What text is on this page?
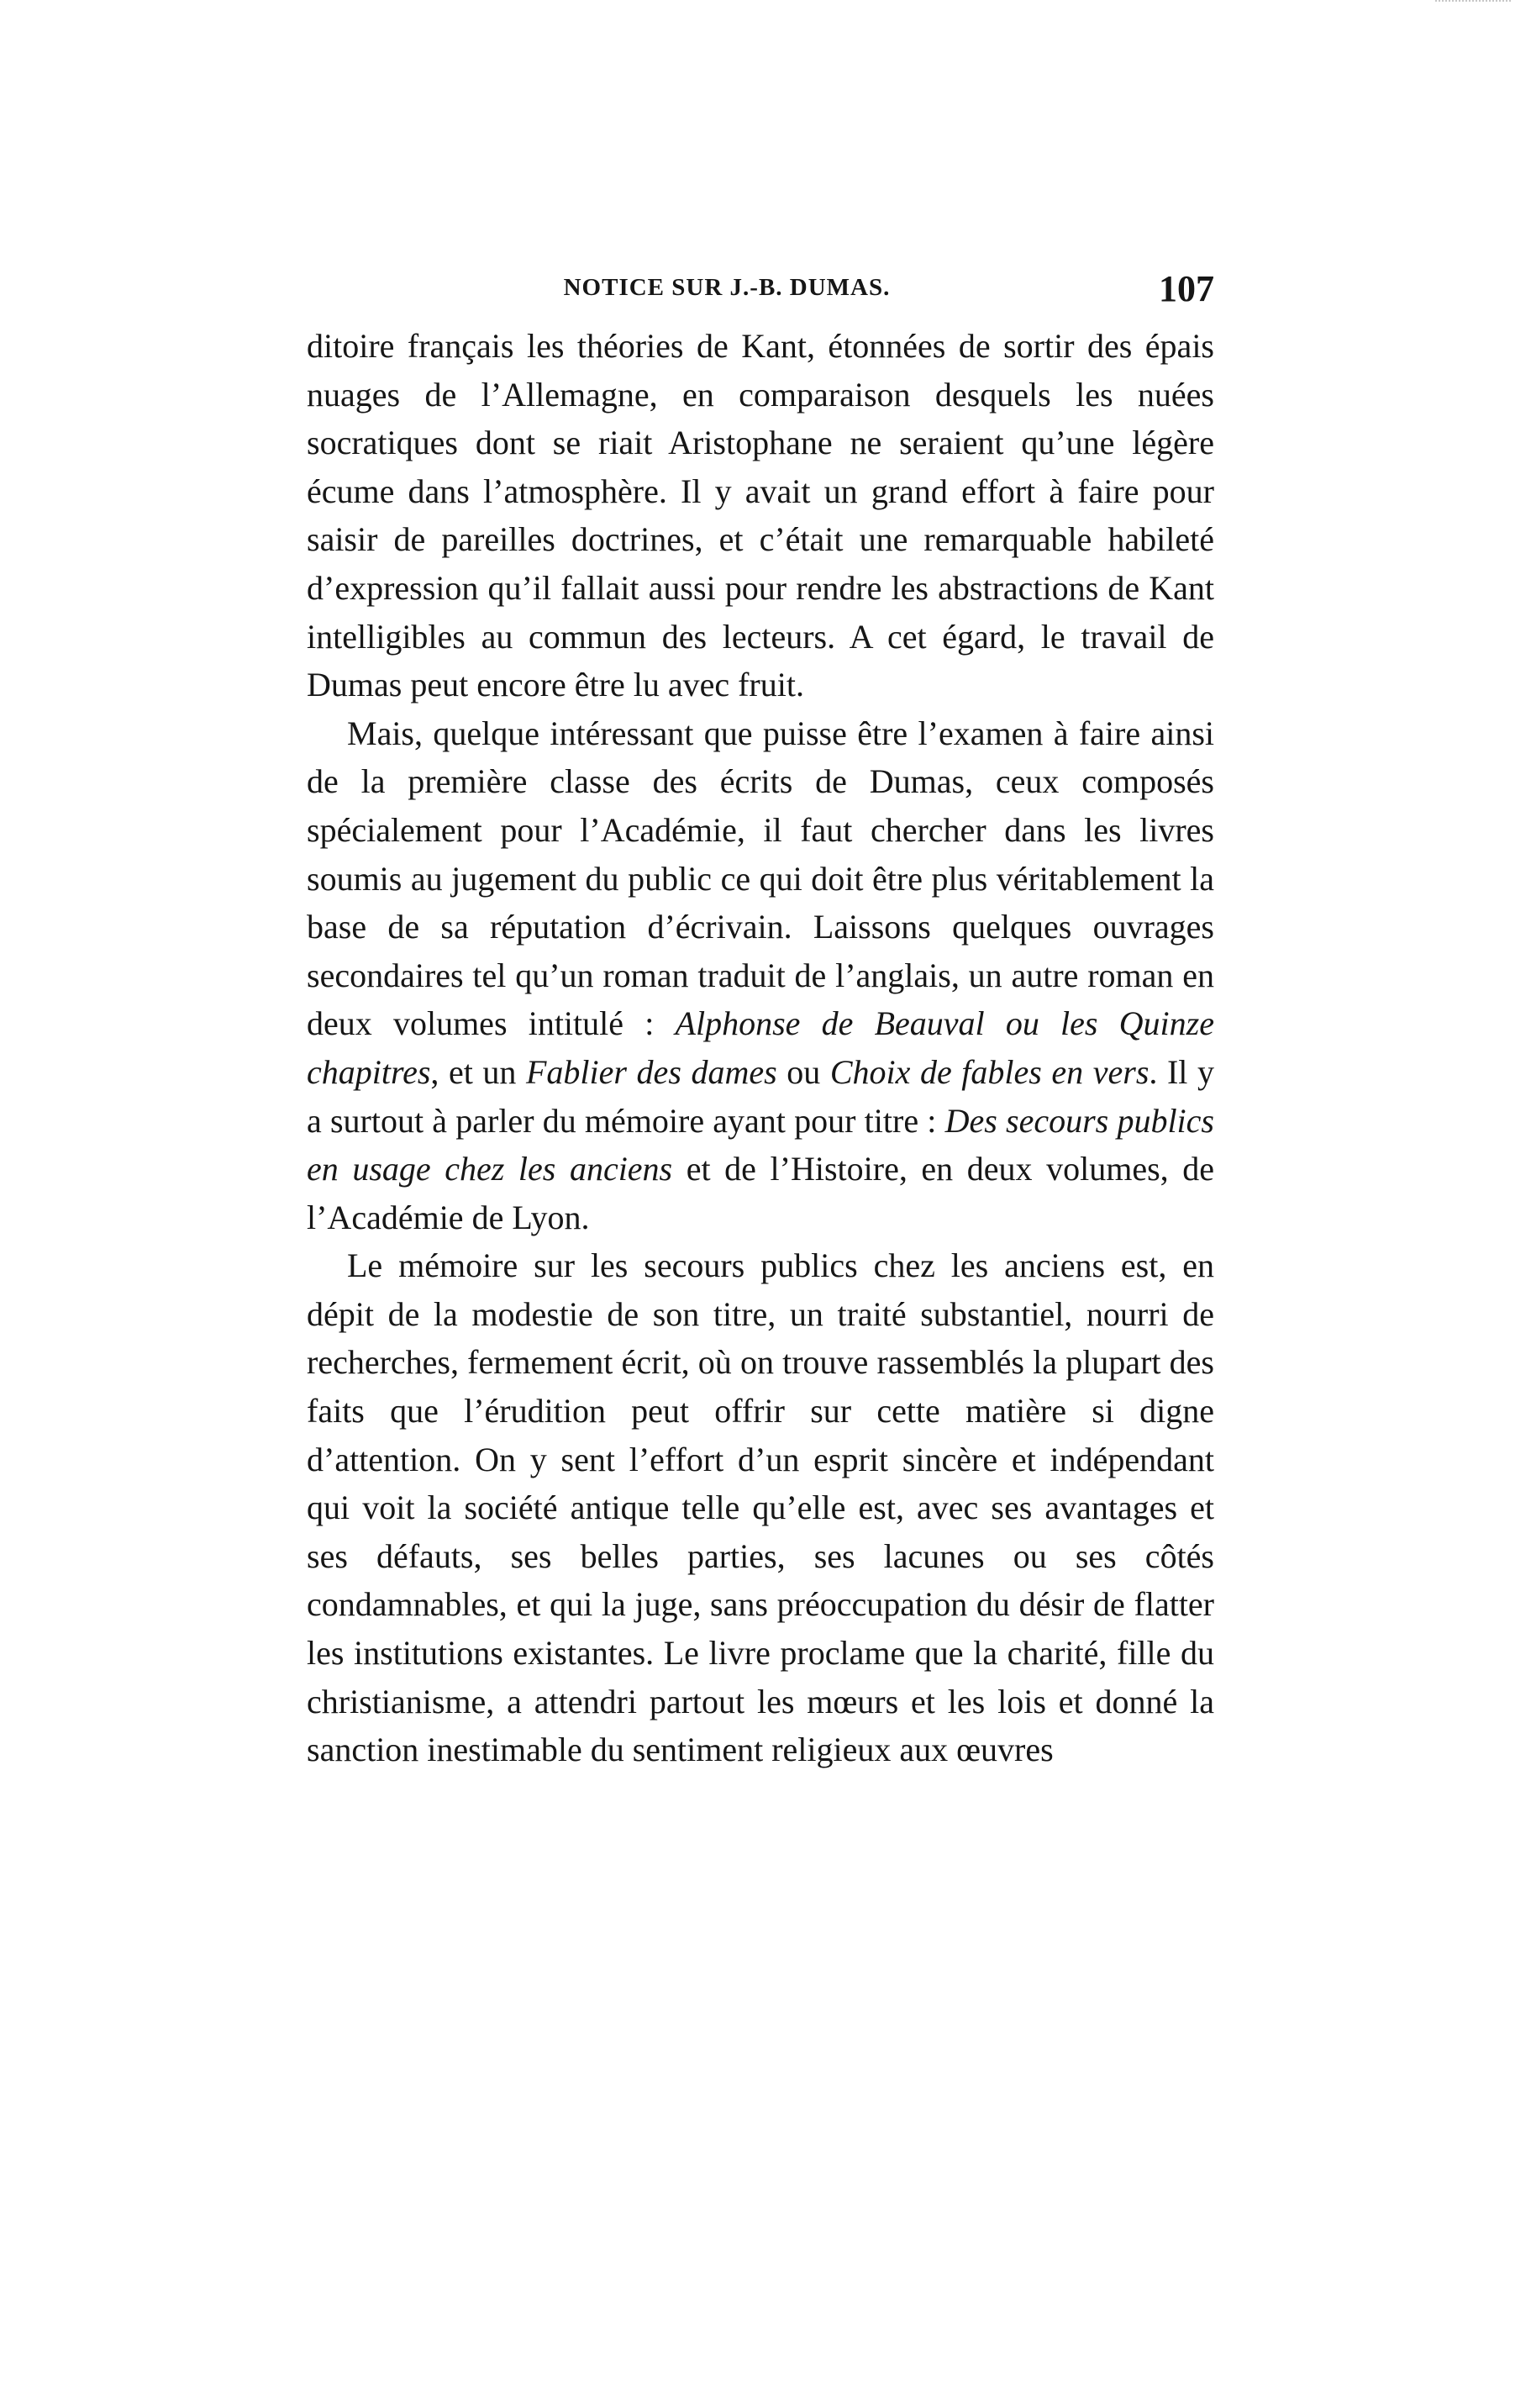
NOTICE SUR J.-B. DUMAS.	107

ditoire français les théories de Kant, étonnées de sortir des épais nuages de l’Allemagne, en comparaison desquels les nuées socratiques dont se riait Aristophane ne seraient qu’une légère écume dans l’atmosphère. Il y avait un grand effort à faire pour saisir de pareilles doctrines, et c’était une remarquable habileté d’expression qu’il fallait aussi pour rendre les abstractions de Kant intelligibles au commun des lecteurs. A cet égard, le travail de Dumas peut encore être lu avec fruit.

Mais, quelque intéressant que puisse être l’examen à faire ainsi de la première classe des écrits de Dumas, ceux composés spécialement pour l’Académie, il faut chercher dans les livres soumis au jugement du public ce qui doit être plus véritablement la base de sa réputation d’écrivain. Laissons quelques ouvrages secondaires tel qu’un roman traduit de l’anglais, un autre roman en deux volumes intitulé : Alphonse de Beauval ou les Quinze chapitres, et un Fablier des dames ou Choix de fables en vers. Il y a surtout à parler du mémoire ayant pour titre : Des secours publics en usage chez les anciens et de l’Histoire, en deux volumes, de l’Académie de Lyon.

Le mémoire sur les secours publics chez les anciens est, en dépit de la modestie de son titre, un traité substantiel, nourri de recherches, fermement écrit, où on trouve rassemblés la plupart des faits que l’érudition peut offrir sur cette matière si digne d’attention. On y sent l’effort d’un esprit sincère et indépendant qui voit la société antique telle qu’elle est, avec ses avantages et ses défauts, ses belles parties, ses lacunes ou ses côtés condamnables, et qui la juge, sans préoccupation du désir de flatter les institutions existantes. Le livre proclame que la charité, fille du christianisme, a attendri partout les mœurs et les lois et donné la sanction inestimable du sentiment religieux aux œuvres
